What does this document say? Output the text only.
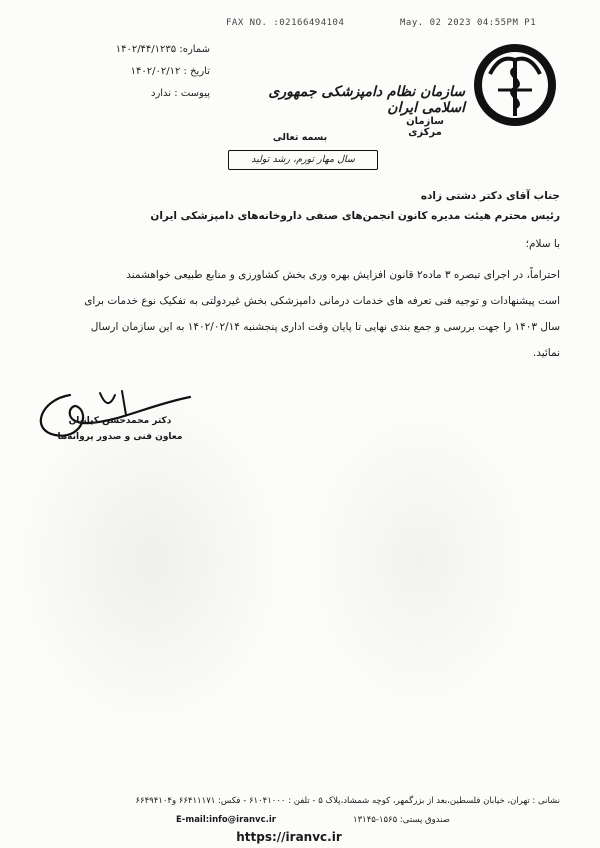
FAX NO. :02166494104	May. 02 2023 04:55PM P1
شماره: ۱۴۰۲/۴۴/۱۲۳۵
تاریخ : ۱۴۰۲/۰۲/۱۲
پیوست : ندارد	سازمان نظام دامپزشکی جمهوری اسلامی ایران
سازمان مرکزی
بسمه تعالی
سال مهار تورم، رشد تولید
جناب آقای دکتر دشتی زاده
رئیس محترم هیئت مدیره کانون انجمن‌های صنفی داروخانه‌های دامپزشکی ایران
با سلام؛
احتراماً، در اجرای تبصره ۳ ماده۲ قانون افزایش بهره وری بخش کشاورزی و منابع طبیعی خواهشمند
است پیشنهادات و توجیه فنی تعرفه های خدمات درمانی دامپزشکی بخش غیردولتی به تفکیک نوع خدمات برای
سال ۱۴۰۳ را جهت بررسی و جمع بندی نهایی تا پایان وقت اداری پنجشنبه ۱۴۰۲/۰۲/۱۴ به این سازمان ارسال
نمائید.
دکتر محمدحسن کیانیان
معاون فنی و صدور پروانه‌ها
نشانی : تهران، خیابان فلسطین،بعد از بزرگمهر، کوچه شمشاد،پلاک ۵ - تلفن : ۶۱۰۴۱۰۰۰ - فکس: ۶۶۴۱۱۱۷۱ و۶۶۴۹۴۱۰۴
E-mail:info@iranvc.ir	صندوق پستی: ۱۵۶۵-۱۳۱۴۵
https://iranvc.ir
